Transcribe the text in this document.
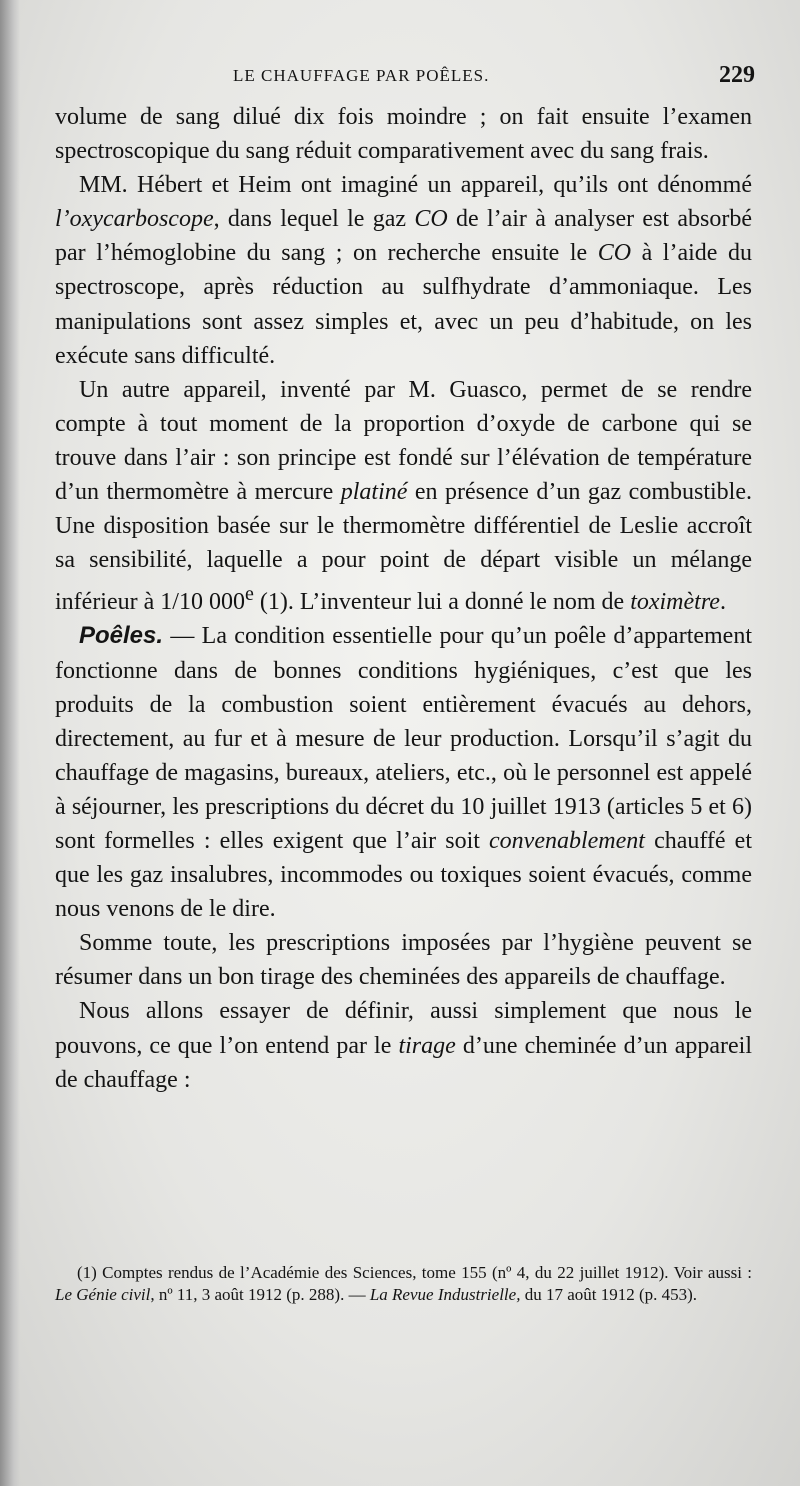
LE CHAUFFAGE PAR POÊLES.	229

volume de sang dilué dix fois moindre ; on fait ensuite l’examen spectroscopique du sang réduit comparativement avec du sang frais.

MM. Hébert et Heim ont imaginé un appareil, qu’ils ont dénommé l’oxycarboscope, dans lequel le gaz CO de l’air à analyser est absorbé par l’hémoglobine du sang ; on recherche ensuite le CO à l’aide du spectroscope, après réduction au sulfhydrate d’ammoniaque. Les manipulations sont assez simples et, avec un peu d’habitude, on les exécute sans difficulté.

Un autre appareil, inventé par M. Guasco, permet de se rendre compte à tout moment de la proportion d’oxyde de carbone qui se trouve dans l’air : son principe est fondé sur l’élévation de température d’un thermomètre à mercure platiné en présence d’un gaz combustible. Une disposition basée sur le thermomètre différentiel de Leslie accroît sa sensibilité, laquelle a pour point de départ visible un mélange inférieur à 1/10 000e (1). L’inventeur lui a donné le nom de toximètre.

Poêles. — La condition essentielle pour qu’un poêle d’appartement fonctionne dans de bonnes conditions hygiéniques, c’est que les produits de la combustion soient entièrement évacués au dehors, directement, au fur et à mesure de leur production. Lorsqu’il s’agit du chauffage de magasins, bureaux, ateliers, etc., où le personnel est appelé à séjourner, les prescriptions du décret du 10 juillet 1913 (articles 5 et 6) sont formelles : elles exigent que l’air soit convenablement chauffé et que les gaz insalubres, incommodes ou toxiques soient évacués, comme nous venons de le dire.

Somme toute, les prescriptions imposées par l’hygiène peuvent se résumer dans un bon tirage des cheminées des appareils de chauffage.

Nous allons essayer de définir, aussi simplement que nous le pouvons, ce que l’on entend par le tirage d’une cheminée d’un appareil de chauffage :

(1) Comptes rendus de l’Académie des Sciences, tome 155 (nº 4, du 22 juillet 1912). Voir aussi : Le Génie civil, nº 11, 3 août 1912 (p. 288). — La Revue Industrielle, du 17 août 1912 (p. 453).
